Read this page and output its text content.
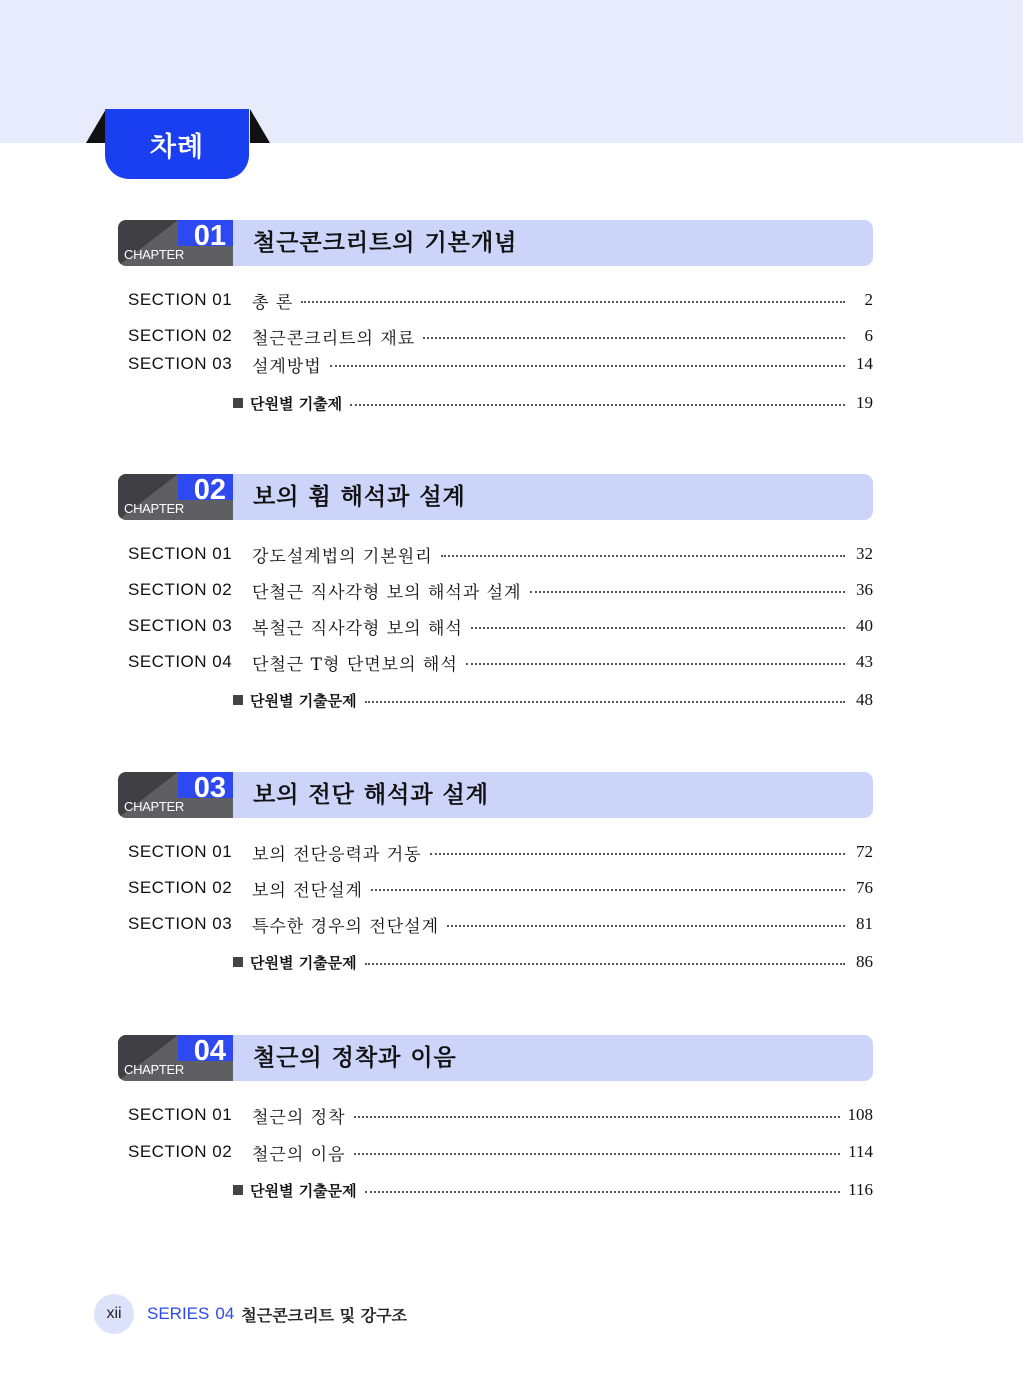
차례
CHAPTER
01 철근콘크리트의 기본개념
SECTION 01	총 론	2
SECTION 02	철근콘크리트의 재료	6
SECTION 03	설계방법	14
단원별 기출제	19
CHAPTER
02 보의 휨 해석과 설계
SECTION 01	강도설계법의 기본원리	32
SECTION 02	단철근 직사각형 보의 해석과 설계	36
SECTION 03	복철근 직사각형 보의 해석	40
SECTION 04	단철근 T형 단면보의 해석	43
단원별 기출문제	48
CHAPTER
03 보의 전단 해석과 설계
SECTION 01	보의 전단응력과 거동	72
SECTION 02	보의 전단설계	76
SECTION 03	특수한 경우의 전단설계	81
단원별 기출문제	86
CHAPTER
04 철근의 정착과 이음
SECTION 01	철근의 정착	108
SECTION 02	철근의 이음	114
단원별 기출문제	116
xii	SERIES 04 철근콘크리트 및 강구조
